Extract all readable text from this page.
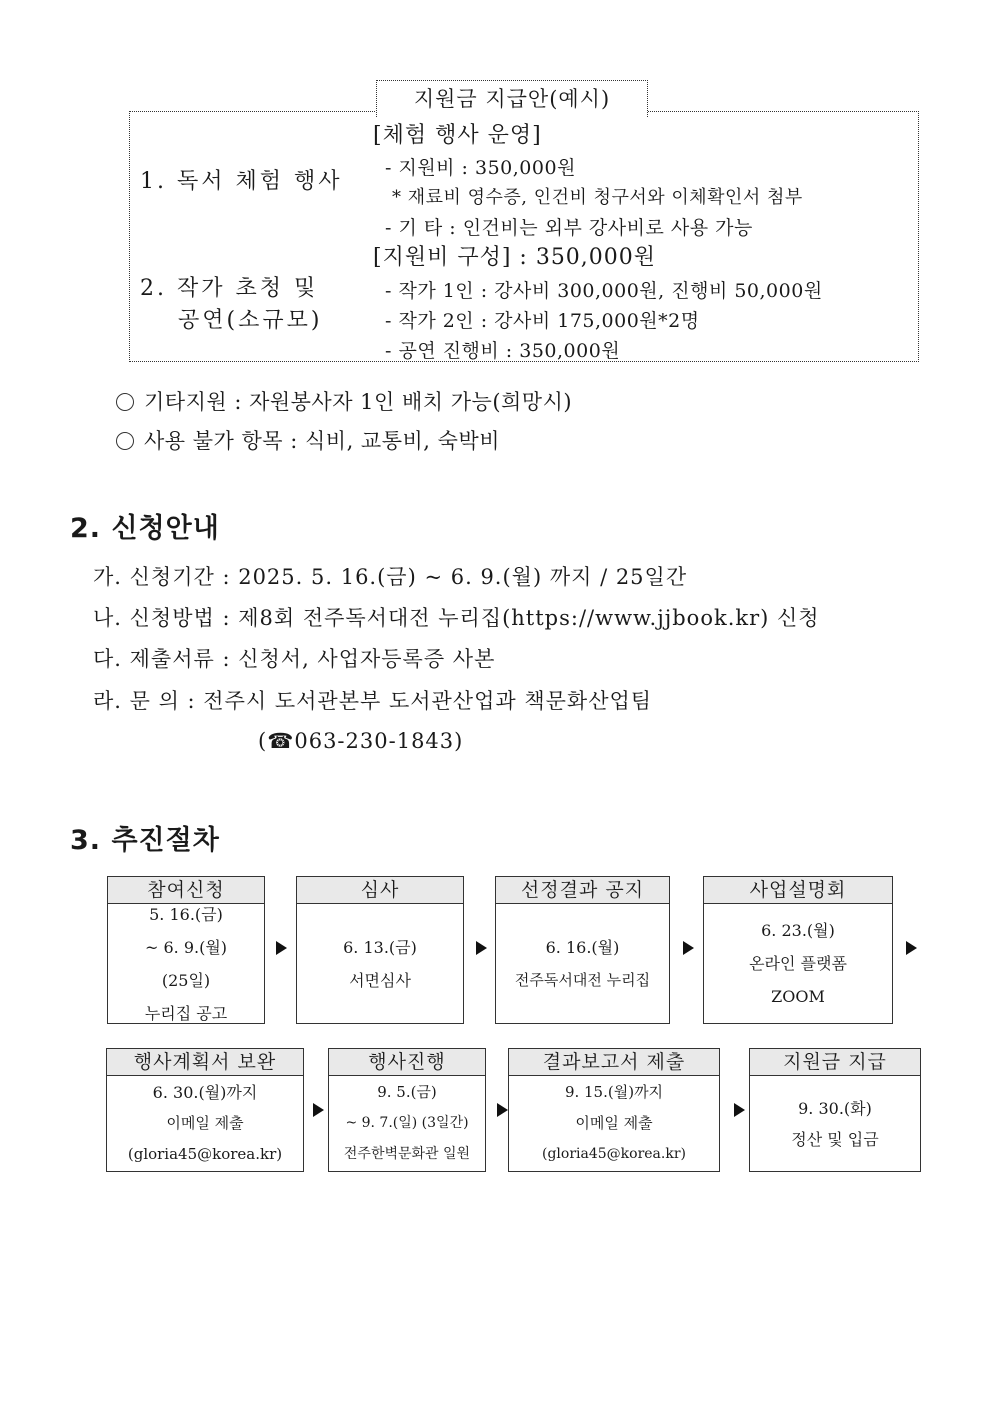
1. 독서 체험 행사
[체험 행사 운영]
- 지원비 : 350,000원
* 재료비 영수증, 인건비 청구서와 이체확인서 첨부
- 기 타 : 인건비는 외부 강사비로 사용 가능
2. 작가 초청 및
공연(소규모)
[지원비 구성] : 350,000원
- 작가 1인 : 강사비 300,000원, 진행비 50,000원
- 작가 2인 : 강사비 175,000원*2명
- 공연 진행비 : 350,000원
지원금 지급안(예시)
기타지원 : 자원봉사자 1인 배치 가능(희망시)
사용 불가 항목 : 식비, 교통비, 숙박비
2. 신청안내
가. 신청기간 : 2025. 5. 16.(금) ~ 6. 9.(월) 까지 / 25일간
나. 신청방법 : 제8회 전주독서대전 누리집(https://www.jjbook.kr) 신청
다. 제출서류 : 신청서, 사업자등록증 사본
라. 문 의 : 전주시 도서관본부 도서관산업과 책문화산업팀
(☎063-230-1843)
3. 추진절차
참여신청
5. 16.(금)
~ 6. 9.(월)
(25일)
누리집 공고
심사
6. 13.(금)
서면심사
선정결과 공지
6. 16.(월)
전주독서대전 누리집
사업설명회
6. 23.(월)
온라인 플랫폼
ZOOM
행사계획서 보완
6. 30.(월)까지
이메일 제출
(gloria45@korea.kr)
행사진행
9. 5.(금)
~ 9. 7.(일) (3일간)
전주한벽문화관 일원
결과보고서 제출
9. 15.(월)까지
이메일 제출
(gloria45@korea.kr)
지원금 지급
9. 30.(화)
정산 및 입금
